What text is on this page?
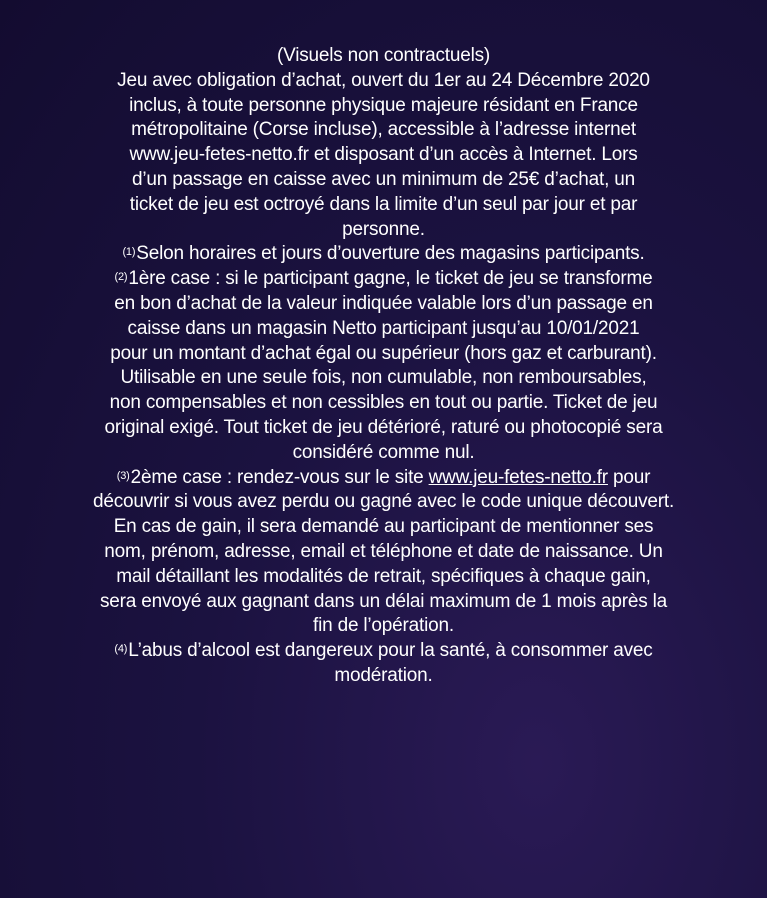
(Visuels non contractuels)
Jeu avec obligation d’achat, ouvert du 1er au 24 Décembre 2020
inclus, à toute personne physique majeure résidant en France
métropolitaine (Corse incluse), accessible à l’adresse internet
www.jeu-fetes-netto.fr et disposant d’un accès à Internet. Lors
d’un passage en caisse avec un minimum de 25€ d’achat, un
ticket de jeu est octroyé dans la limite d’un seul par jour et par
personne.
$^{(1)}$Selon horaires et jours d’ouverture des magasins participants.
$^{(2)}$1ère case : si le participant gagne, le ticket de jeu se transforme
en bon d’achat de la valeur indiquée valable lors d’un passage en
caisse dans un magasin Netto participant jusqu’au 10/01/2021
pour un montant d’achat égal ou supérieur (hors gaz et carburant).
Utilisable en une seule fois, non cumulable, non remboursables,
non compensables et non cessibles en tout ou partie. Ticket de jeu
original exigé. Tout ticket de jeu détérioré, raturé ou photocopié sera
considéré comme nul.
$^{(3)}$2ème case : rendez-vous sur le site www.jeu-fetes-netto.fr pour
découvrir si vous avez perdu ou gagné avec le code unique découvert.
En cas de gain, il sera demandé au participant de mentionner ses
nom, prénom, adresse, email et téléphone et date de naissance. Un
mail détaillant les modalités de retrait, spécifiques à chaque gain,
sera envoyé aux gagnant dans un délai maximum de 1 mois après la
fin de l’opération.
$^{(4)}$L’abus d’alcool est dangereux pour la santé, à consommer avec
modération.
